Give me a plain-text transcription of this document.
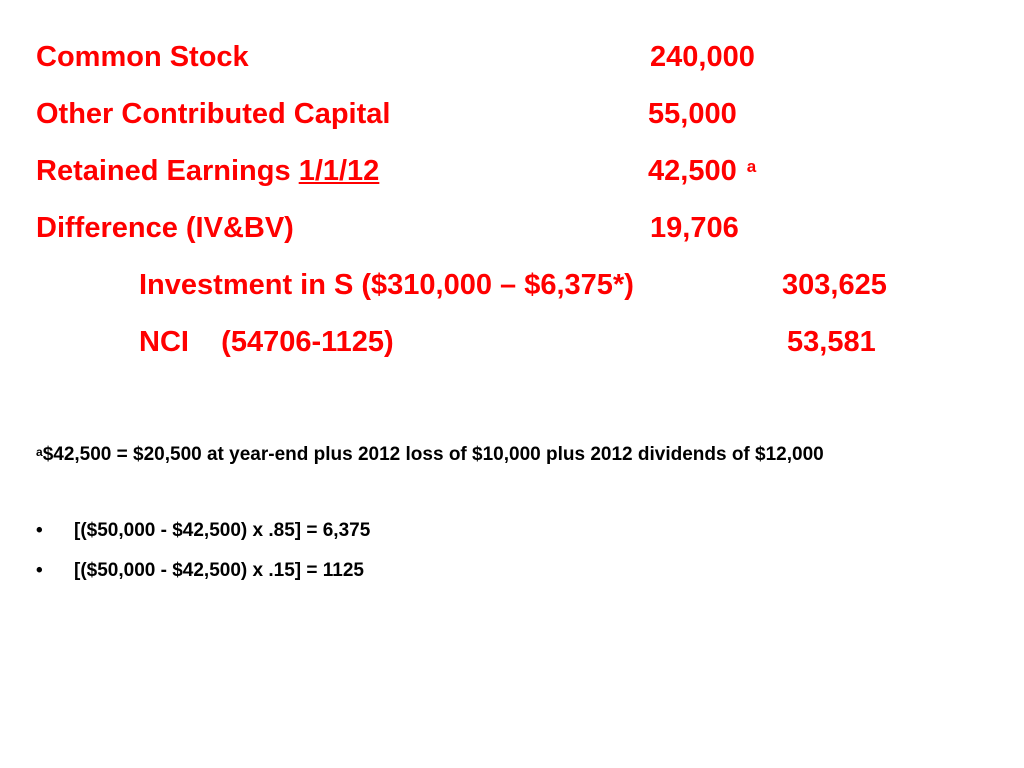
Common Stock	240,000
Other Contributed Capital	55,000
Retained Earnings 1/1/12	42,500 $^a$
Difference (IV&BV)	19,706
Investment in S ($310,000 – $6,375*)	303,625
NCI    (54706-1125)	53,581
$^a$\$42,500 = $20,500 at year-end plus 2012 loss of $10,000 plus 2012 dividends of $12,000
• [($50,000 - $42,500) x .85] = 6,375
• [($50,000 - $42,500) x .15] = 1125
